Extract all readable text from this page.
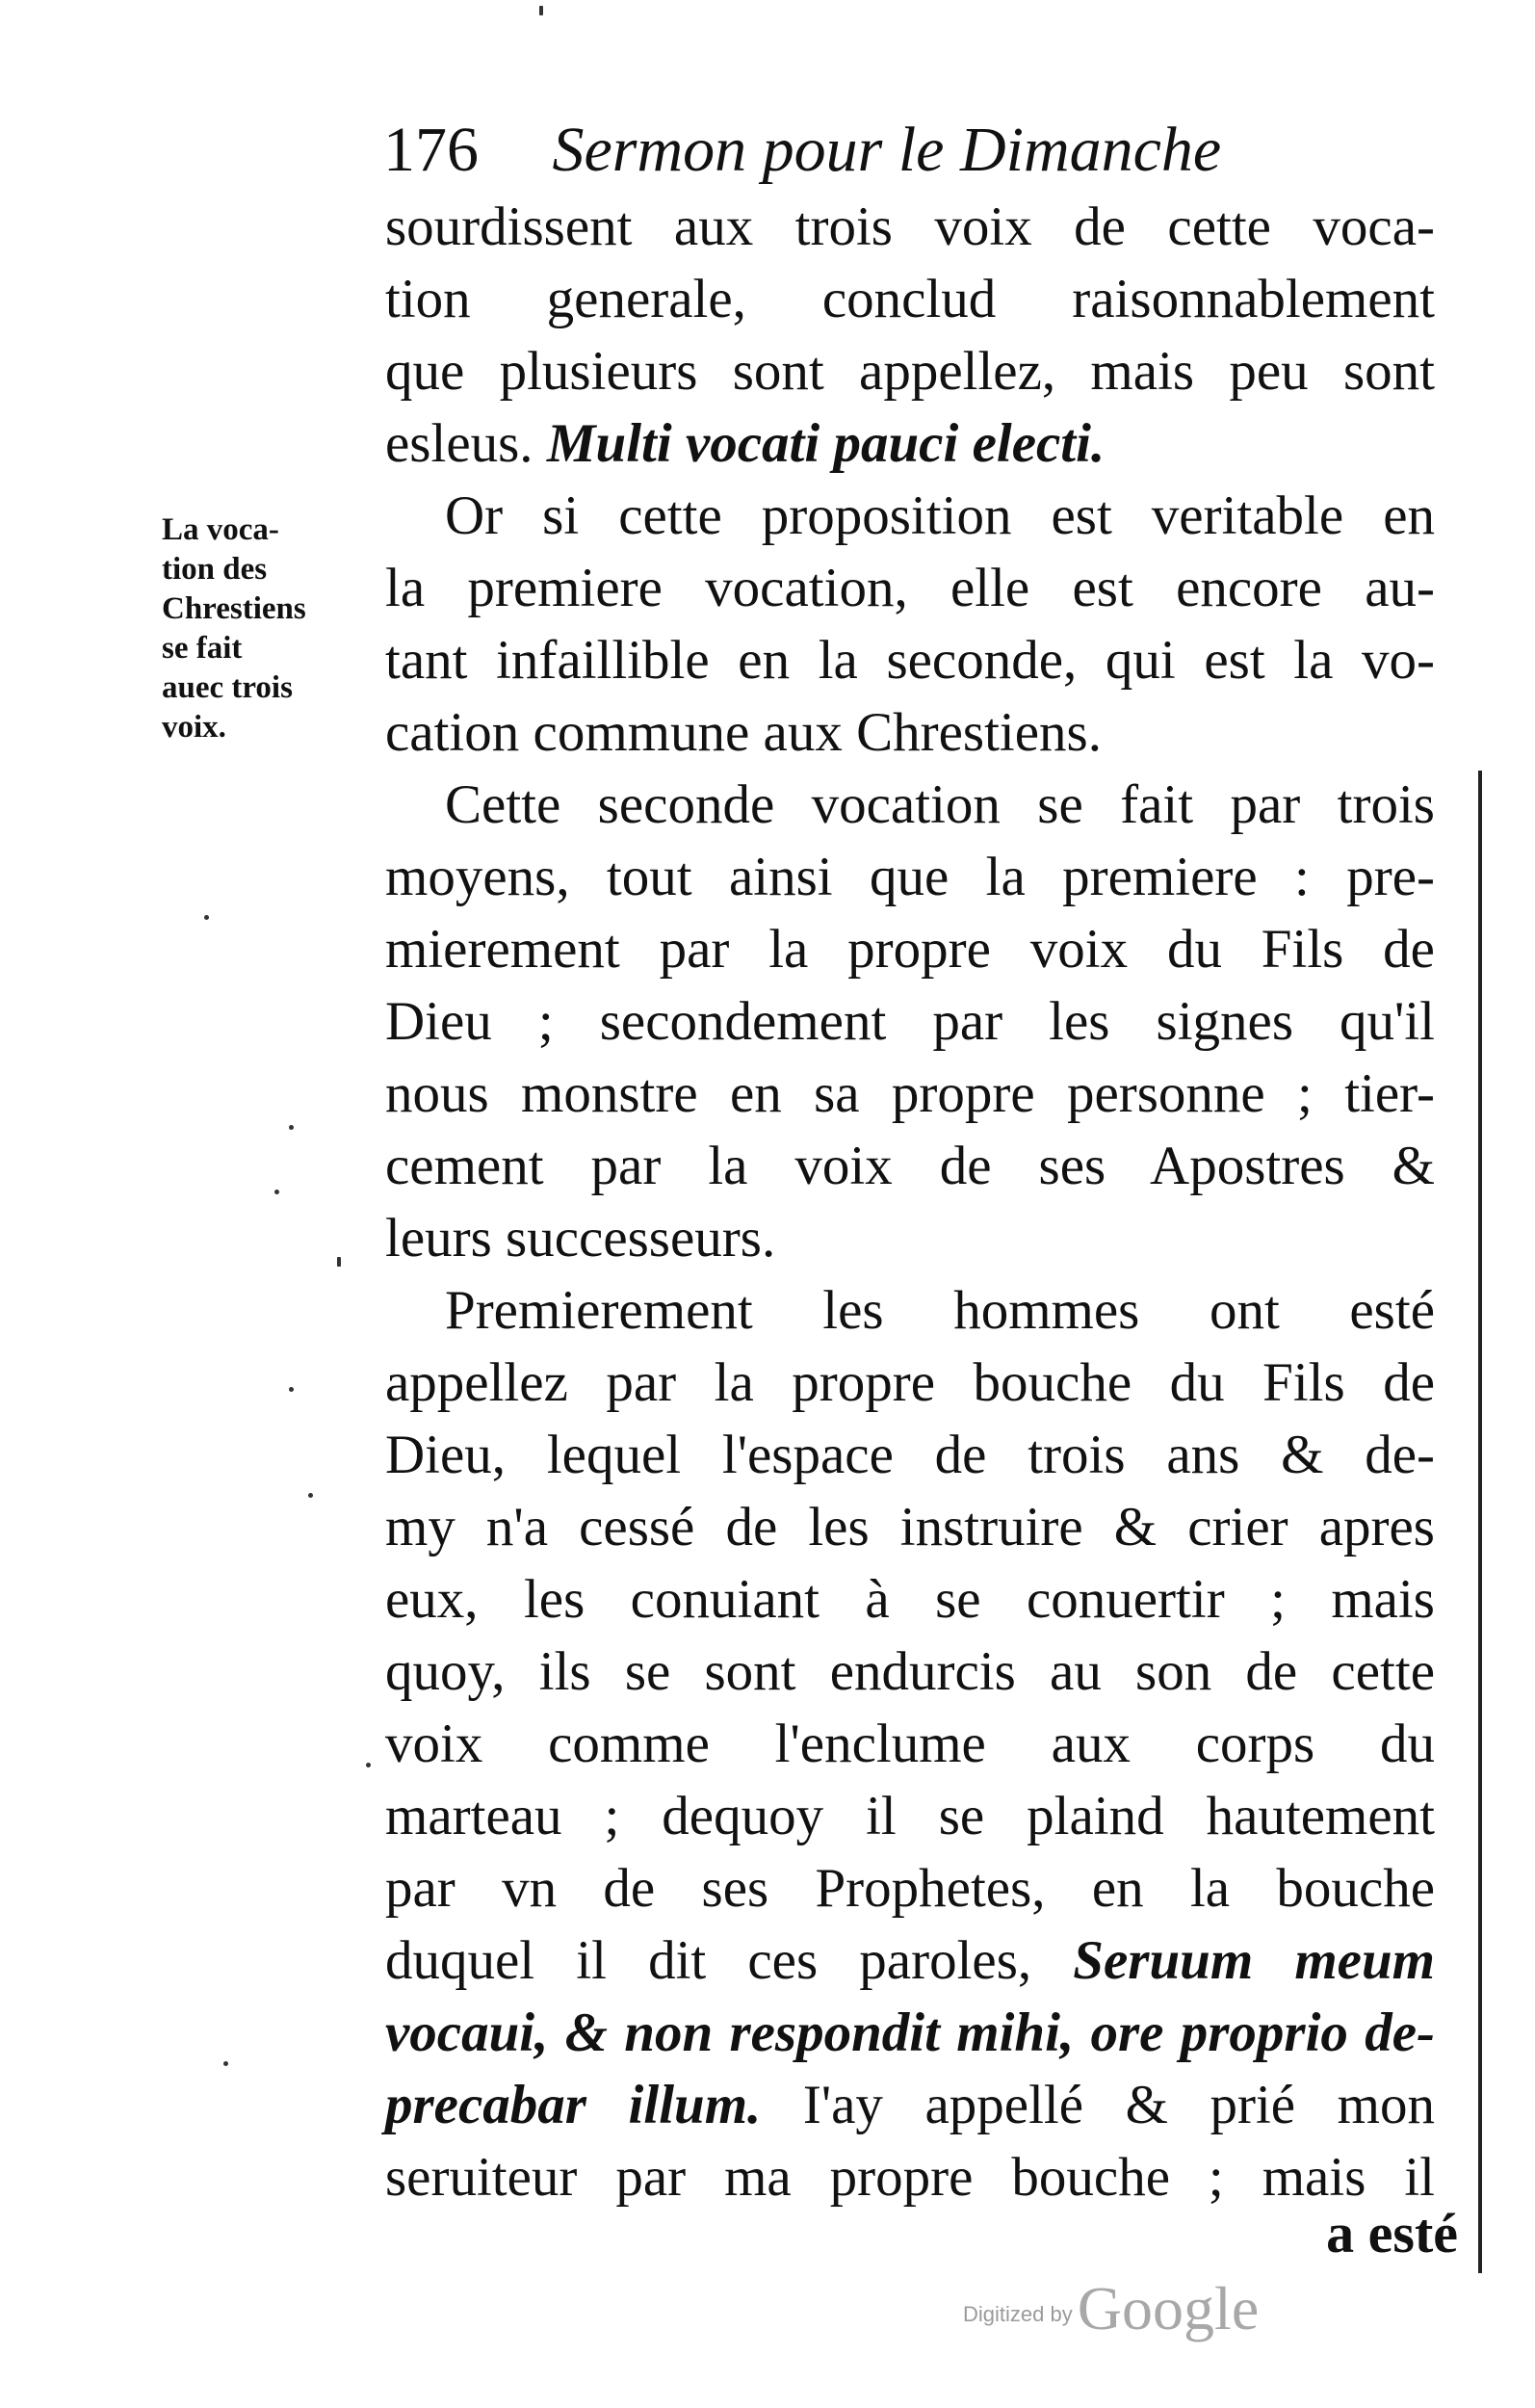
176 Sermon pour le Dimanche
La voca-
tion des
Chrestiens
se fait
auec trois
voix.
sourdissent aux trois voix de cette voca-
tion generale, conclud raisonnablement
que plusieurs sont appellez, mais peu sont
esleus. Multi vocati pauci electi.
Or si cette proposition est veritable en
la premiere vocation, elle est encore au-
tant infaillible en la seconde, qui est la vo-
cation commune aux Chrestiens.
Cette seconde vocation se fait par trois
moyens, tout ainsi que la premiere : pre-
mierement par la propre voix du Fils de
Dieu ; secondement par les signes qu'il
nous monstre en sa propre personne ; tier-
cement par la voix de ses Apostres &
leurs successeurs.
Premierement les hommes ont esté
appellez par la propre bouche du Fils de
Dieu, lequel l'espace de trois ans & de-
my n'a cessé de les instruire & crier apres
eux, les conuiant à se conuertir ; mais
quoy, ils se sont endurcis au son de cette
voix comme l'enclume aux corps du
marteau ; dequoy il se plaind hautement
par vn de ses Prophetes, en la bouche
duquel il dit ces paroles, Seruum meum
vocaui, & non respondit mihi, ore proprio de-
precabar illum. I'ay appellé & prié mon
seruiteur par ma propre bouche ; mais il
a esté
Digitized by Google
